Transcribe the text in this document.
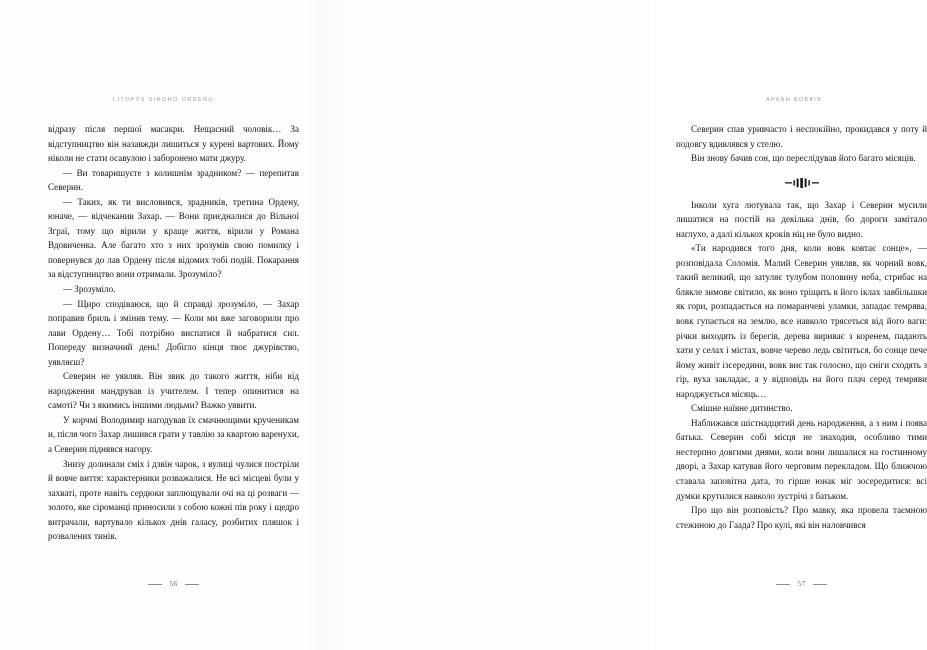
LITOPYS SIROHO ORDENU

відразу після першої масакри. Нещасний чоловік… За відступництво він назавжди лишиться у курені вартових. Йому ніколи не стати осавулою і заборонено мати джуру.

— Ви товаришуєте з колишнім зрадником? — перепитав Северин.

— Таких, як ти висловився, зрадників, третина Ордену, юначе, — відчеканив Захар. — Вони приєдналися до Вільної Зграї, тому що вірили у краще життя, вірили у Романа Вдовиченка. Але багато хто з них зрозумів свою помилку і повернувся до лав Ордену після відомих тобі подій. Покарання за відступництво вони отримали. Зрозуміло?

— Зрозуміло.

— Щиро сподіваюся, що й справді зрозуміло, — Захар поправив бриль і змінив тему. — Коли ми вже заговорили про лави Ордену… Тобі потрібно виспатися й набратися сил. Попереду визначний день! Добігло кінця твоє джурівство, уявляєш?

Северин не уявляв. Він звик до такого життя, ніби від народження мандрував із учителем. І тепер опинитися на самоті? Чи з якимись іншими людьми? Важко уявити.

У корчмі Володимир нагодував їх смачнющими крученикам и, після чого Захар лишився грати у тавлію за квартою варенухи, а Северин піднявся нагору.

Знизу долинали сміх і дзвін чарок, з вулиці чулися постріли й вовче виття: характерники розважалися. Не всі місцеві були у захваті, проте навіть сердюки заплющували очі на ці розваги — золото, яке сіроманці приносили з собою кожні пів року і щедро витрачали, вартувало кількох днів галасу, розбитих пляшок і розвалених тинів.

56
АРКАН ВОВКІВ

Северин спав уривчасто і неспокійно, прокидався у поту й подовгу вдивлявся у стелю.

Він знову бачив сон, що переслідував його багато місяців.

Інколи хуга лютувала так, що Захар і Северин мусили лишатися на постій на декілька днів, бо дороги замітало наглухо, а далі кількох кроків ніц не було видно.

«Ти народився того дня, коли вовк ковтає сонце», — розповідала Соломія. Малий Северин уявляв, як чорний вовк, такий великий, що затуляє тулубом половину неба, стрибає на бляклe зимове світило, як воно тріщить в його іклах завбільшки як гори, розпадається на помаранчеві уламки, западає темрява, вовк гупається на землю, все навколо трясеться від його ваги: річки виходять із берегів, дерева вириває з коренем, падають хати у селах і містах, вовче черево ледь світиться, бо сонце пече йому живіт ізсередини, вовк виє так голосно, що сніги сходять з гір, вуха закладає, а у відповідь на його плач серед темряви народжується місяць…

Смішне наївне дитинство.

Наближався шістнадцятий день народження, а з ним і поява батька. Северин собі місця не знаходив, особливо тими нестерпно довгими днями, коли вони лишалися на гостинному дворі, а Захар катував його черговим перекладом. Що ближчою ставала заповітна дата, то гірше юнак міг зосередитися: всі думки крутилися навколо зустрічі з батьком.

Про що він розповість? Про мавку, яка провела таємною стежиною до Гаада? Про кулі, які він наловчився

57
